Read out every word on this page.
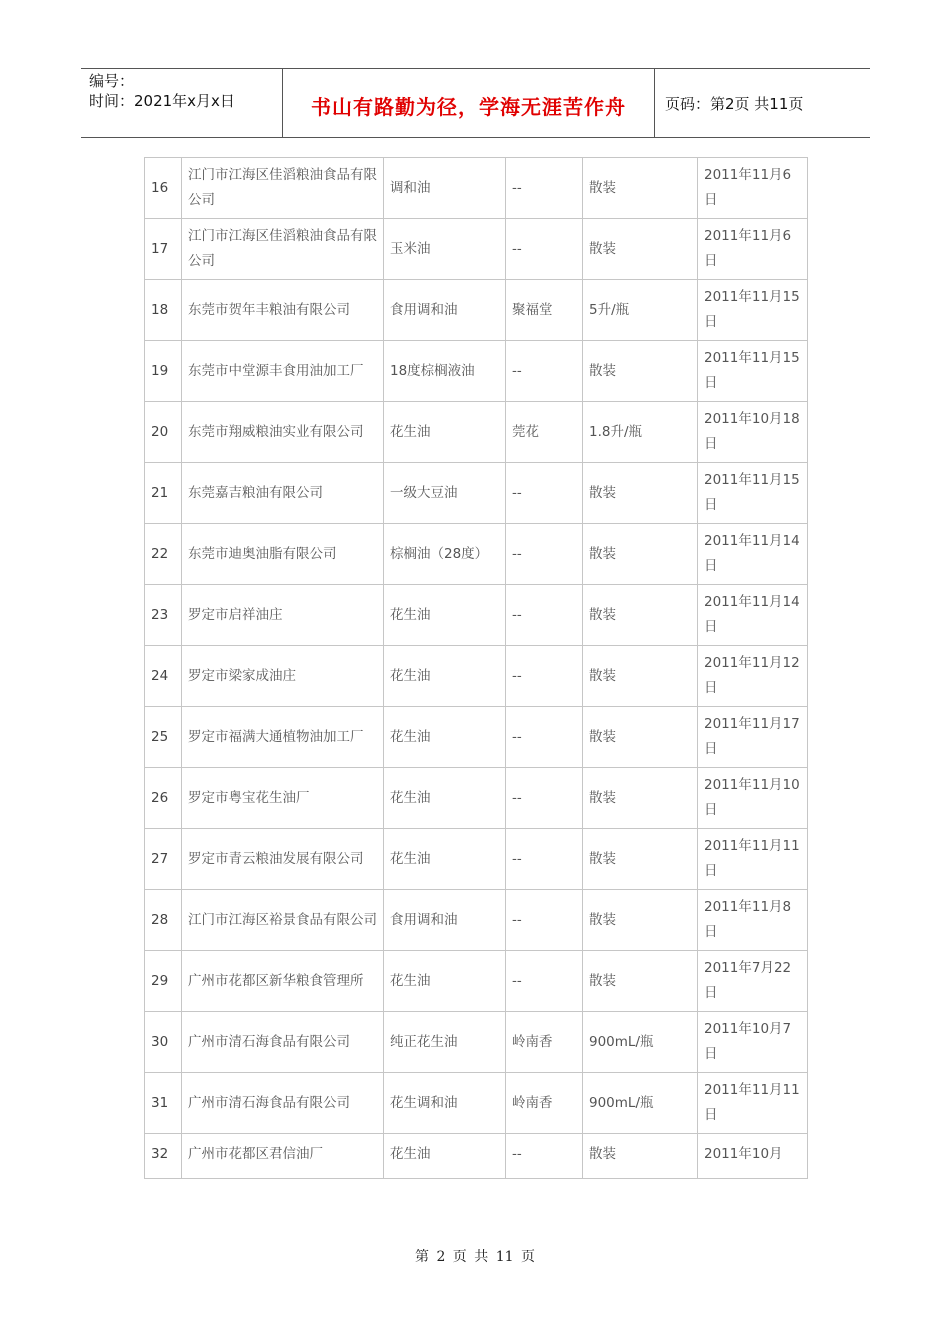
编号：
时间：2021年x月x日	书山有路勤为径，学海无涯苦作舟	页码：第2页 共11页
16	江门市江海区佳滔粮油食品有限公司	调和油	--	散装	2011年11月6日
17	江门市江海区佳滔粮油食品有限公司	玉米油	--	散装	2011年11月6日
18	东莞市贺年丰粮油有限公司	食用调和油	聚福堂	5升/瓶	2011年11月15日
19	东莞市中堂源丰食用油加工厂	18度棕榈液油	--	散装	2011年11月15日
20	东莞市翔威粮油实业有限公司	花生油	莞花	1.8升/瓶	2011年10月18日
21	东莞嘉吉粮油有限公司	一级大豆油	--	散装	2011年11月15日
22	东莞市迪奥油脂有限公司	棕榈油（28度）	--	散装	2011年11月14日
23	罗定市启祥油庄	花生油	--	散装	2011年11月14日
24	罗定市梁家成油庄	花生油	--	散装	2011年11月12日
25	罗定市福满大通植物油加工厂	花生油	--	散装	2011年11月17日
26	罗定市粤宝花生油厂	花生油	--	散装	2011年11月10日
27	罗定市青云粮油发展有限公司	花生油	--	散装	2011年11月11日
28	江门市江海区裕景食品有限公司	食用调和油	--	散装	2011年11月8日
29	广州市花都区新华粮食管理所	花生油	--	散装	2011年7月22日
30	广州市清石海食品有限公司	纯正花生油	岭南香	900mL/瓶	2011年10月7日
31	广州市清石海食品有限公司	花生调和油	岭南香	900mL/瓶	2011年11月11日
32	广州市花都区君信油厂	花生油	--	散装	2011年10月
第 2 页 共 11 页
